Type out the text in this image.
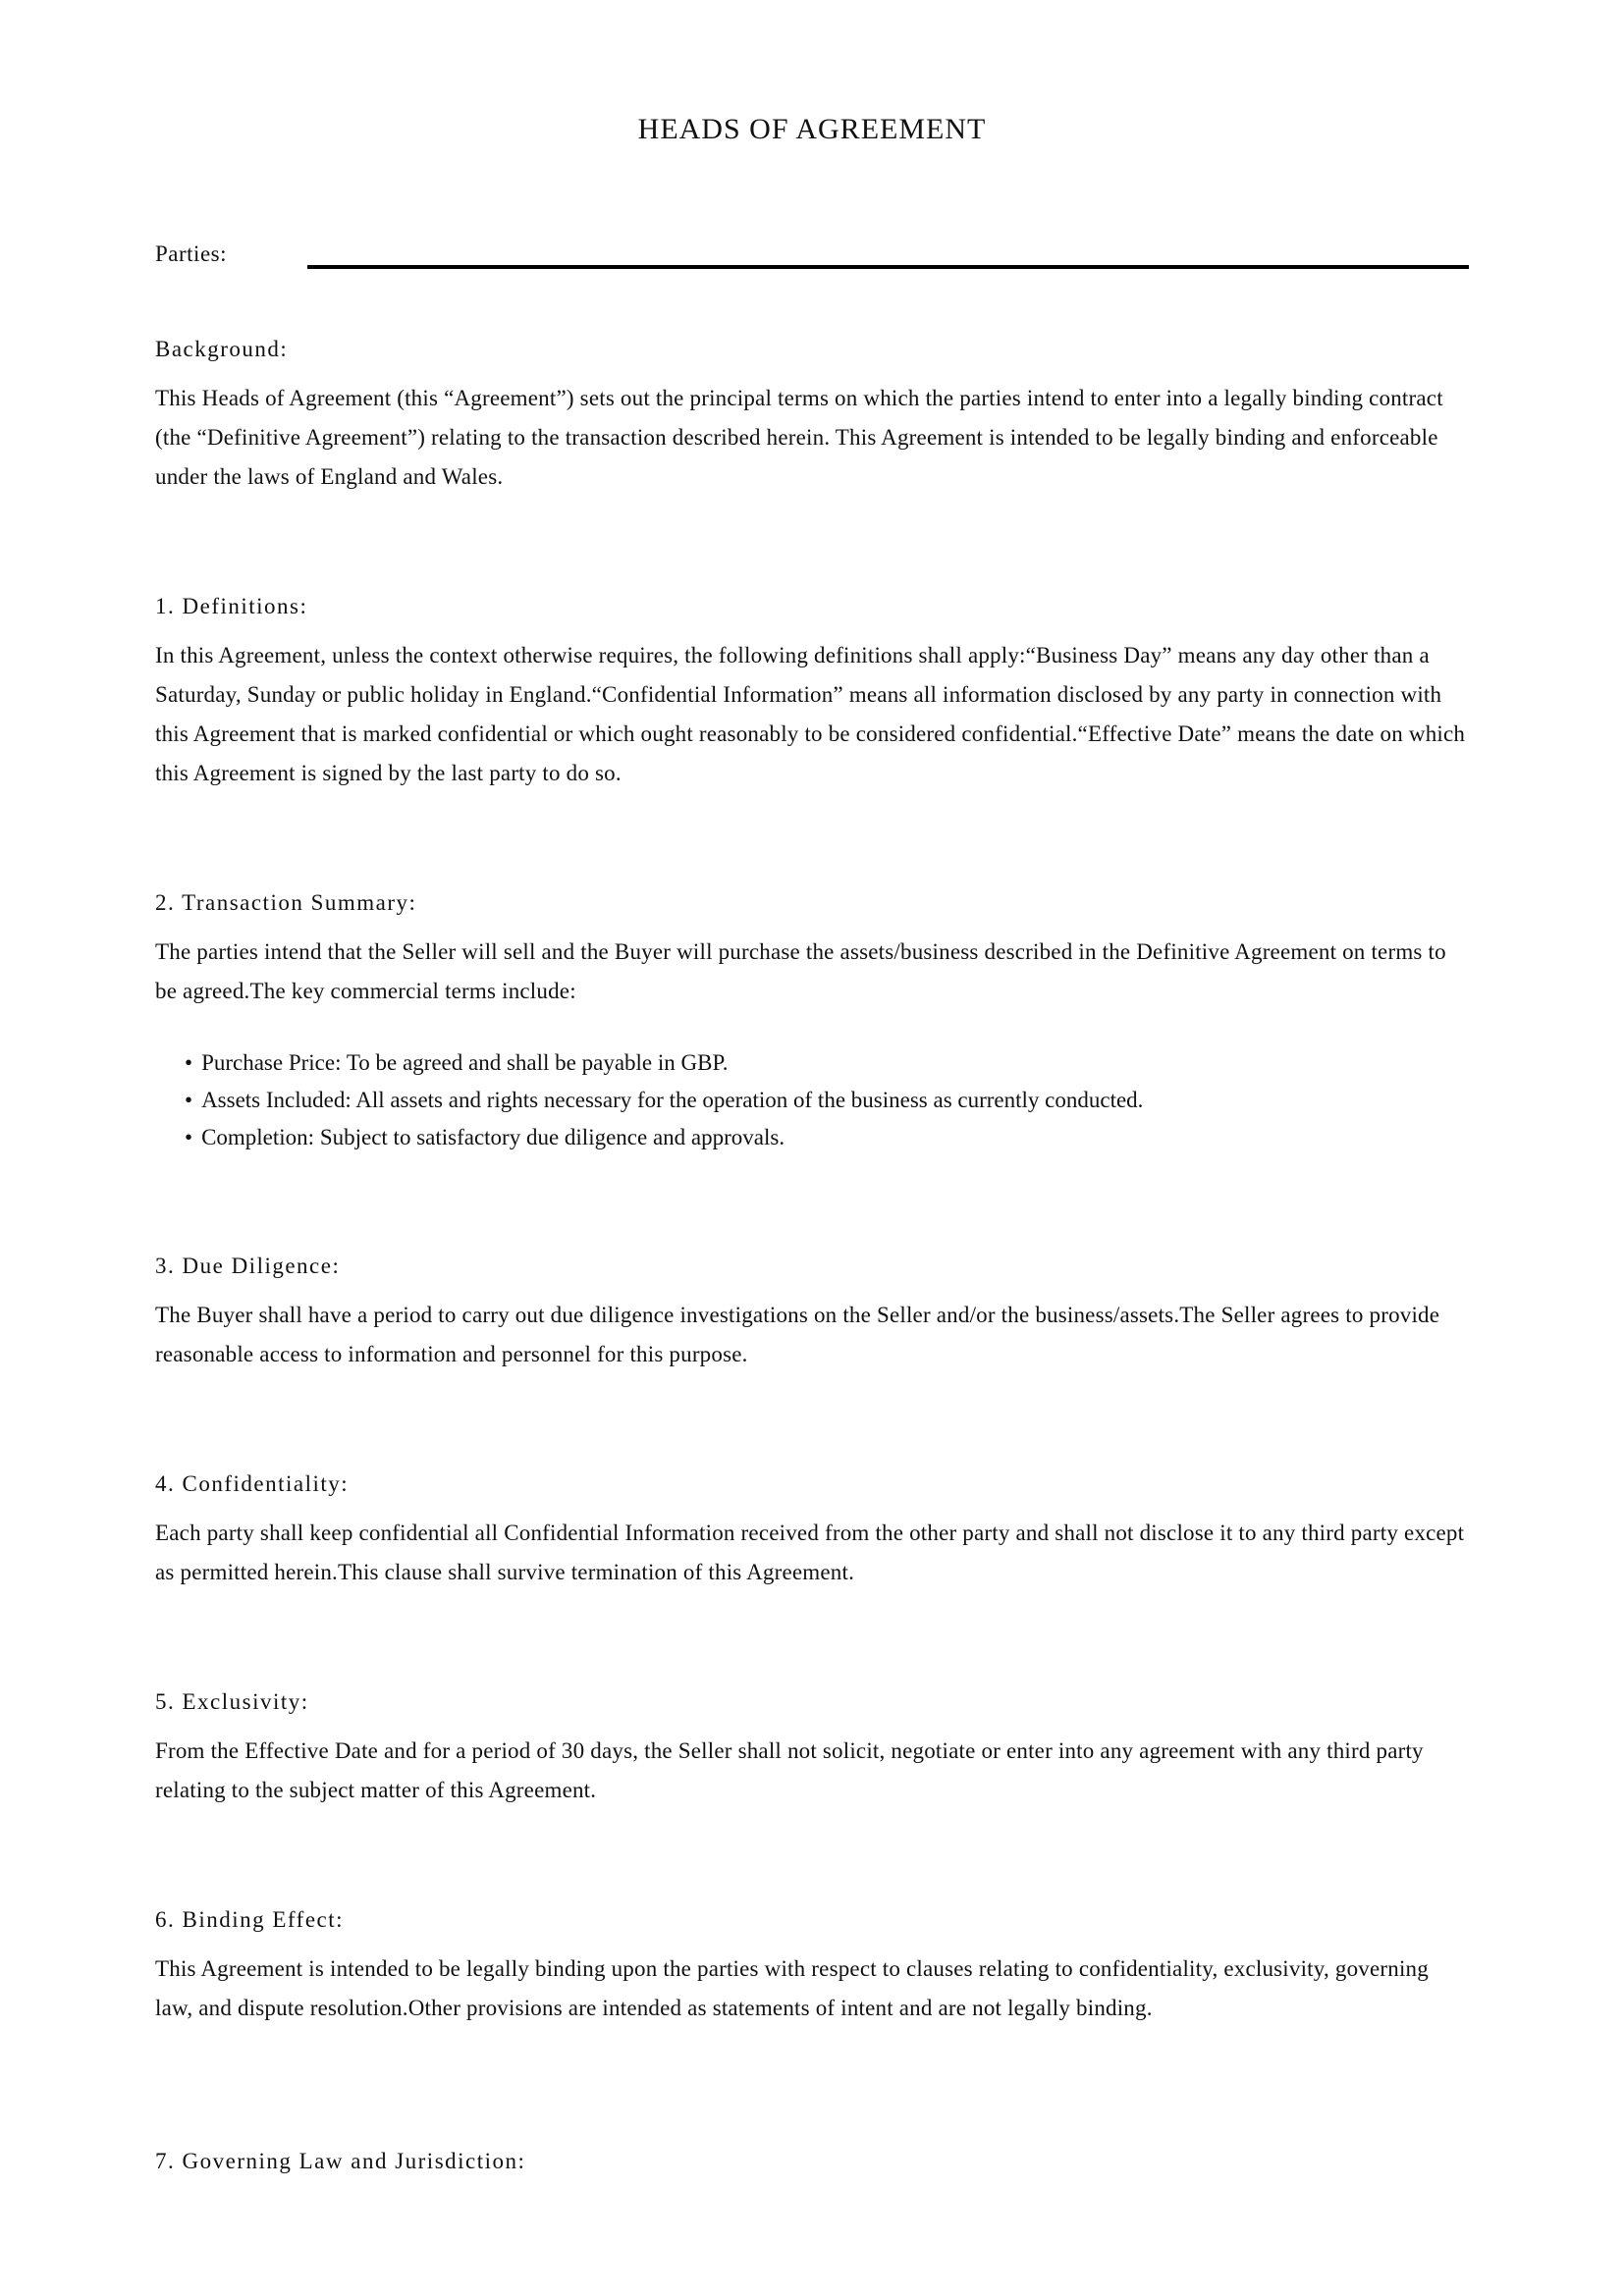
HEADS OF AGREEMENT
Parties:
Background:

This Heads of Agreement (this “Agreement”) sets out the principal terms on which the parties intend to enter into a legally binding contract (the “Definitive Agreement”) relating to the transaction described herein. This Agreement is intended to be legally binding and enforceable under the laws of England and Wales.

1. Definitions:

In this Agreement, unless the context otherwise requires, the following definitions shall apply:“Business Day” means any day other than a Saturday, Sunday or public holiday in England.“Confidential Information” means all information disclosed by any party in connection with this Agreement that is marked confidential or which ought reasonably to be considered confidential.“Effective Date” means the date on which this Agreement is signed by the last party to do so.

2. Transaction Summary:

The parties intend that the Seller will sell and the Buyer will purchase the assets/business described in the Definitive Agreement on terms to be agreed.The key commercial terms include:

• Purchase Price: To be agreed and shall be payable in GBP.
• Assets Included: All assets and rights necessary for the operation of the business as currently conducted.
• Completion: Subject to satisfactory due diligence and approvals.
3. Due Diligence:

The Buyer shall have a period to carry out due diligence investigations on the Seller and/or the business/assets.The Seller agrees to provide reasonable access to information and personnel for this purpose.

4. Confidentiality:

Each party shall keep confidential all Confidential Information received from the other party and shall not disclose it to any third party except as permitted herein.This clause shall survive termination of this Agreement.

5. Exclusivity:

From the Effective Date and for a period of 30 days, the Seller shall not solicit, negotiate or enter into any agreement with any third party relating to the subject matter of this Agreement.

6. Binding Effect:

This Agreement is intended to be legally binding upon the parties with respect to clauses relating to confidentiality, exclusivity, governing law, and dispute resolution.Other provisions are intended as statements of intent and are not legally binding.

7. Governing Law and Jurisdiction:
